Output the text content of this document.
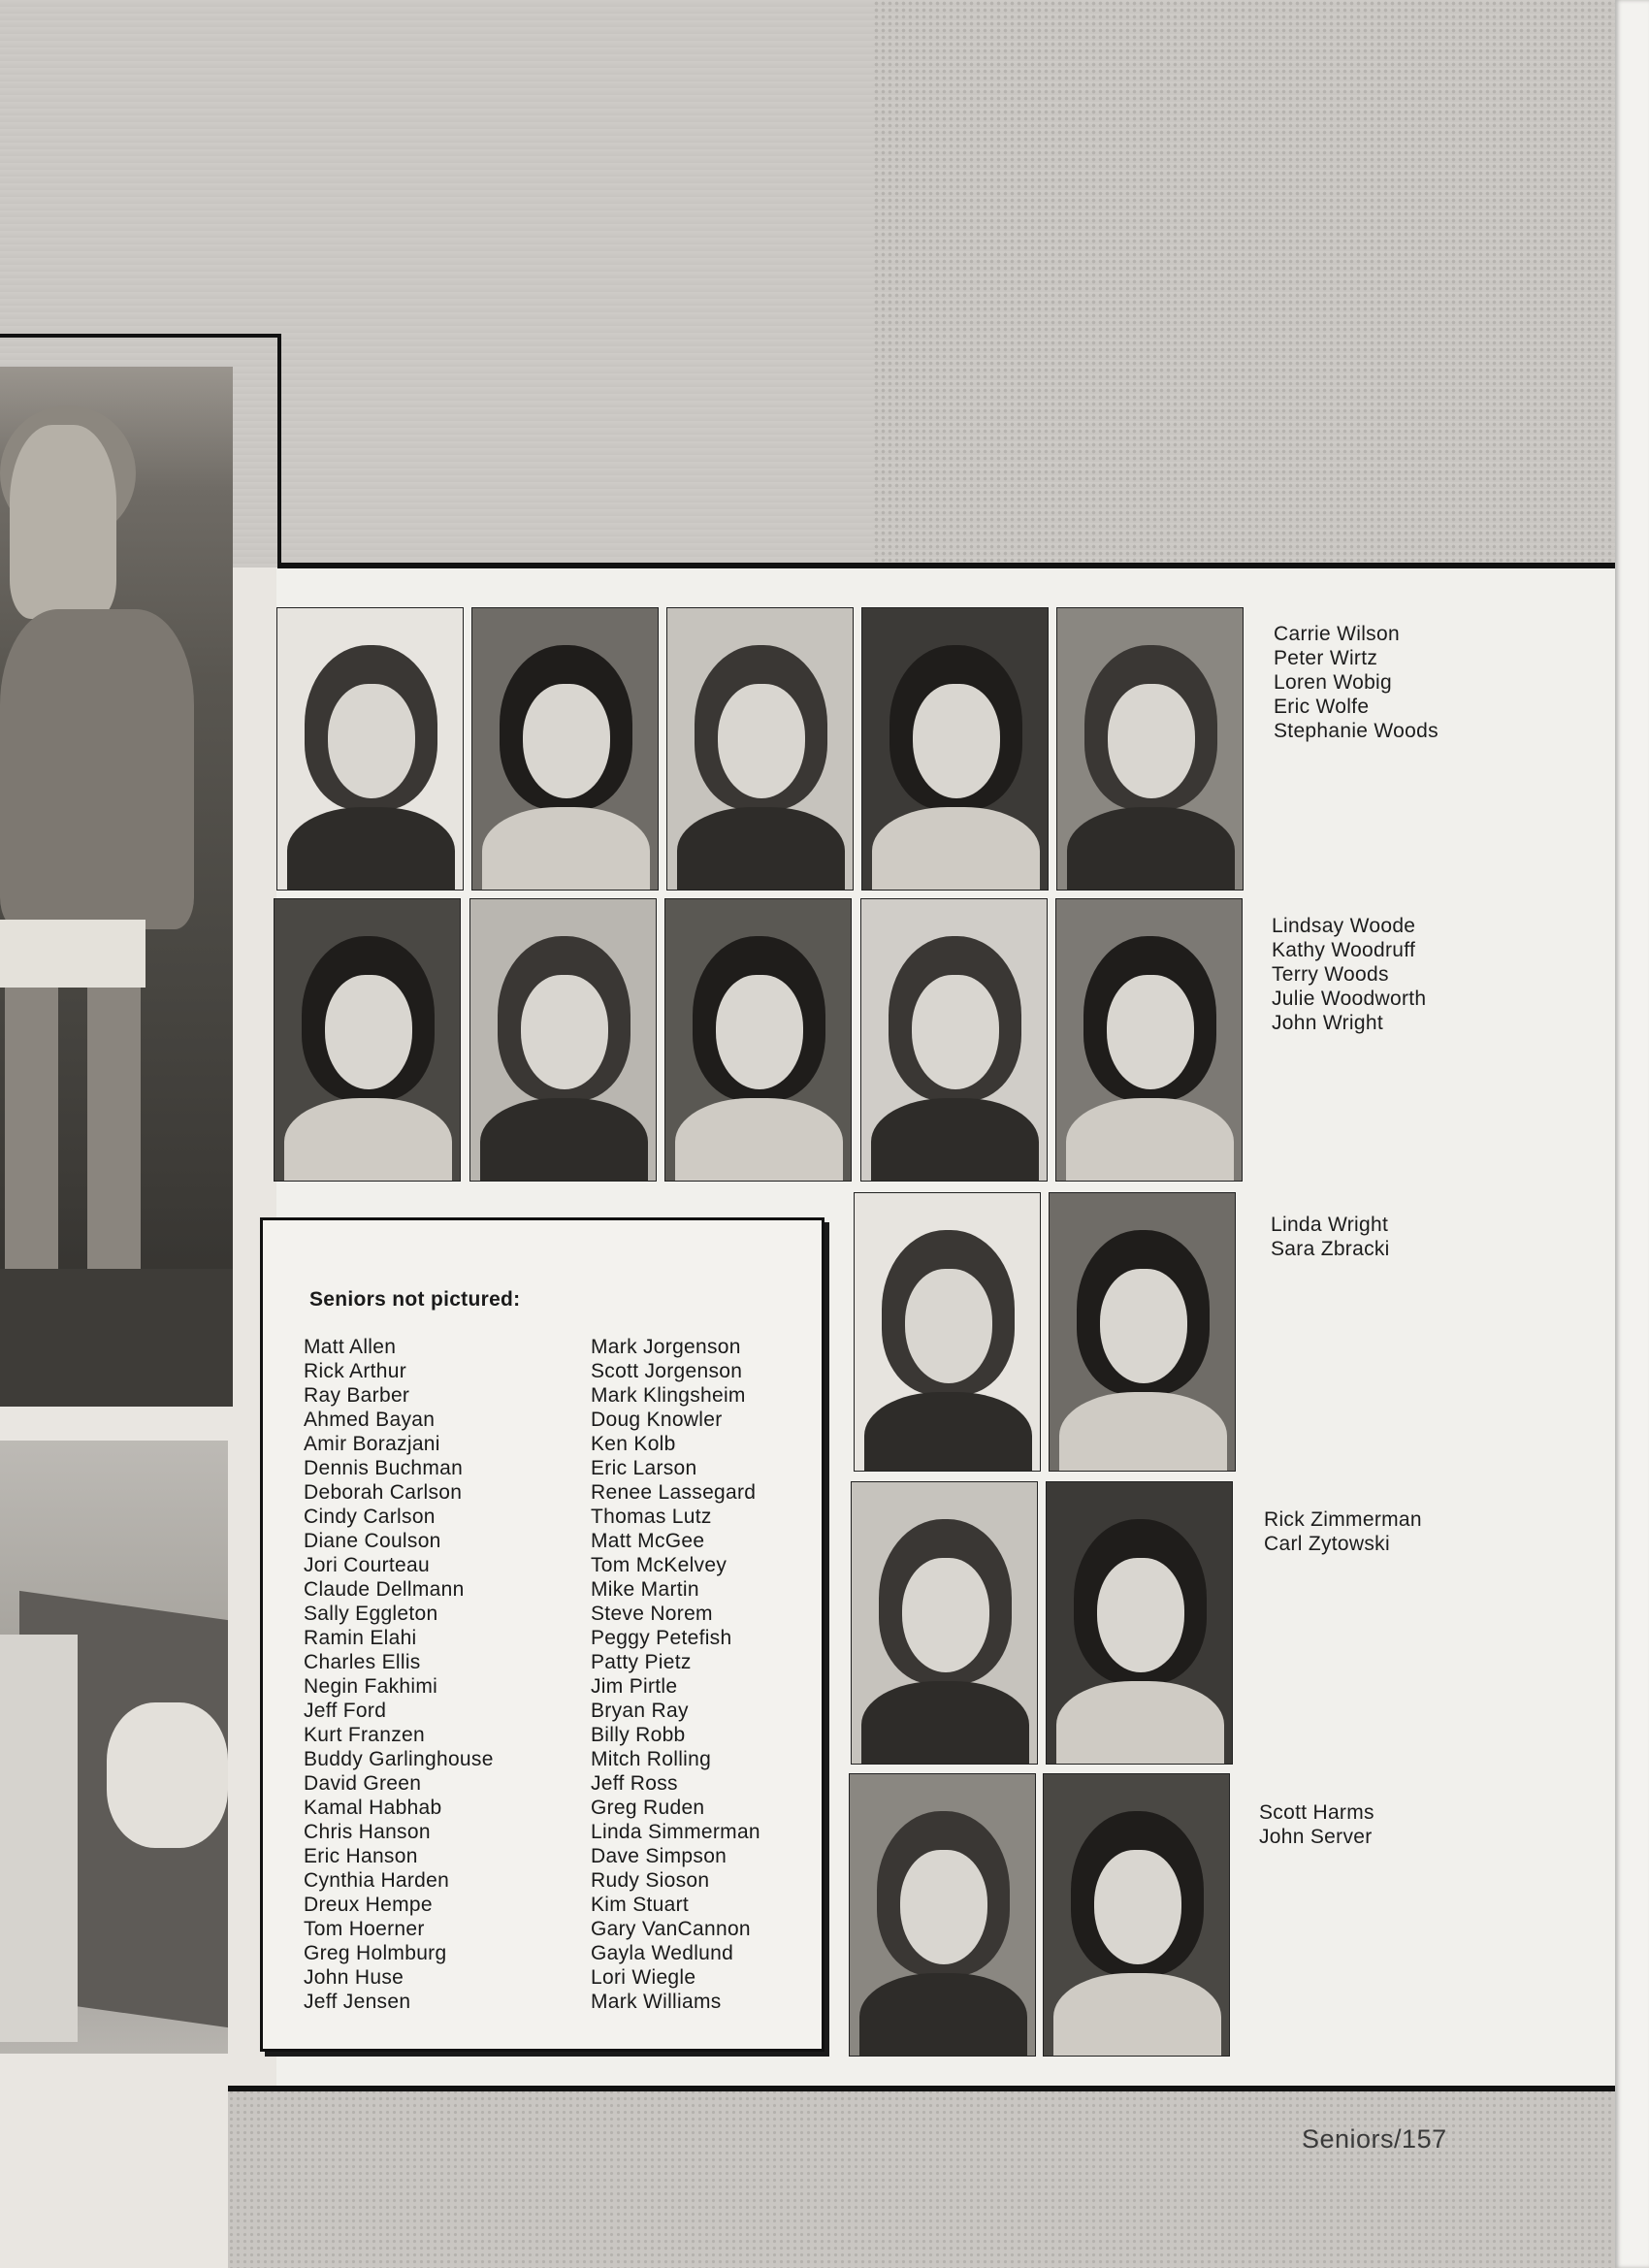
Carrie Wilson
Peter Wirtz
Loren Wobig
Eric Wolfe
Stephanie Woods
Lindsay Woode
Kathy Woodruff
Terry Woods
Julie Woodworth
John Wright
Linda Wright
Sara Zbracki
Rick Zimmerman
Carl Zytowski
Scott Harms
John Server
Seniors not pictured:
Matt Allen
Rick Arthur
Ray Barber
Ahmed Bayan
Amir Borazjani
Dennis Buchman
Deborah Carlson
Cindy Carlson
Diane Coulson
Jori Courteau
Claude Dellmann
Sally Eggleton
Ramin Elahi
Charles Ellis
Negin Fakhimi
Jeff Ford
Kurt Franzen
Buddy Garlinghouse
David Green
Kamal Habhab
Chris Hanson
Eric Hanson
Cynthia Harden
Dreux Hempe
Tom Hoerner
Greg Holmburg
John Huse
Jeff Jensen
Mark Jorgenson
Scott Jorgenson
Mark Klingsheim
Doug Knowler
Ken Kolb
Eric Larson
Renee Lassegard
Thomas Lutz
Matt McGee
Tom McKelvey
Mike Martin
Steve Norem
Peggy Petefish
Patty Pietz
Jim Pirtle
Bryan Ray
Billy Robb
Mitch Rolling
Jeff Ross
Greg Ruden
Linda Simmerman
Dave Simpson
Rudy Sioson
Kim Stuart
Gary VanCannon
Gayla Wedlund
Lori Wiegle
Mark Williams
Seniors/157
